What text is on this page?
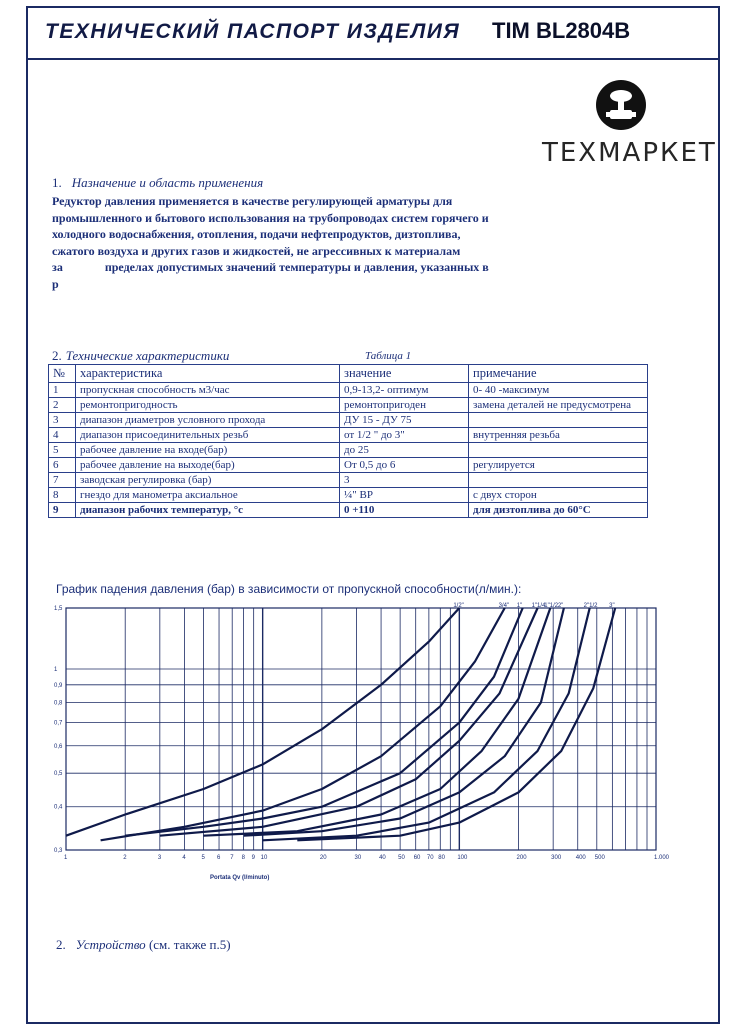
ТЕХНИЧЕСКИЙ ПАСПОРТ ИЗДЕЛИЯ TIM BL2804B
ТЕХМАРКЕТ
1. Назначение и область применения
Редуктор давления применяется в качестве регулирующей арматуры для
промышленного и бытового использования на трубопроводах систем горячего и
холодного водоснабжения, отопления, подачи нефтепродуктов, дизтоплива,
сжатого воздуха и других газов и жидкостей, не агрессивных к материалам
за              пределах допустимых значений температуры и давления, указанных в
р
2. Технические характеристики	Таблица 1
№	характеристика	значение	примечание
1	пропускная способность м3/час	0,9-13,2- оптимум	0- 40 -максимум
2	ремонтопригодность	ремонтопригоден	замена деталей не предусмотрена
3	диапазон диаметров условного прохода	ДУ 15 - ДУ 75	
4	диапазон присоединительных резьб	от 1/2 " до 3"	внутренняя резьба
5	рабочее давление на входе(бар)	до 25	
6	рабочее давление на выходе(бар)	От 0,5 до 6	регулируется
7	заводская регулировка (бар)	3	
8	гнездо для манометра аксиальное	¼" ВР	с двух сторон
9	диапазон рабочих температур, °с	0 +110	для дизтоплива до 60°С
График падения давления (бар) в зависимости от пропускной способности(л/мин.):
1,5
1
0,9
0,8
0,7
0,6
0,5
0,4
0,3
1	2	3	4	5 6 7 8 9 10	20	30	40 50 60 70 80 100	200	300 400 500	1.000
1/2"	3/4" 1" 1"1/4
1"1/2 2"	2"1/2 3"
Portata Qv (l/minuto)
2. Устройство (см. также п.5)
